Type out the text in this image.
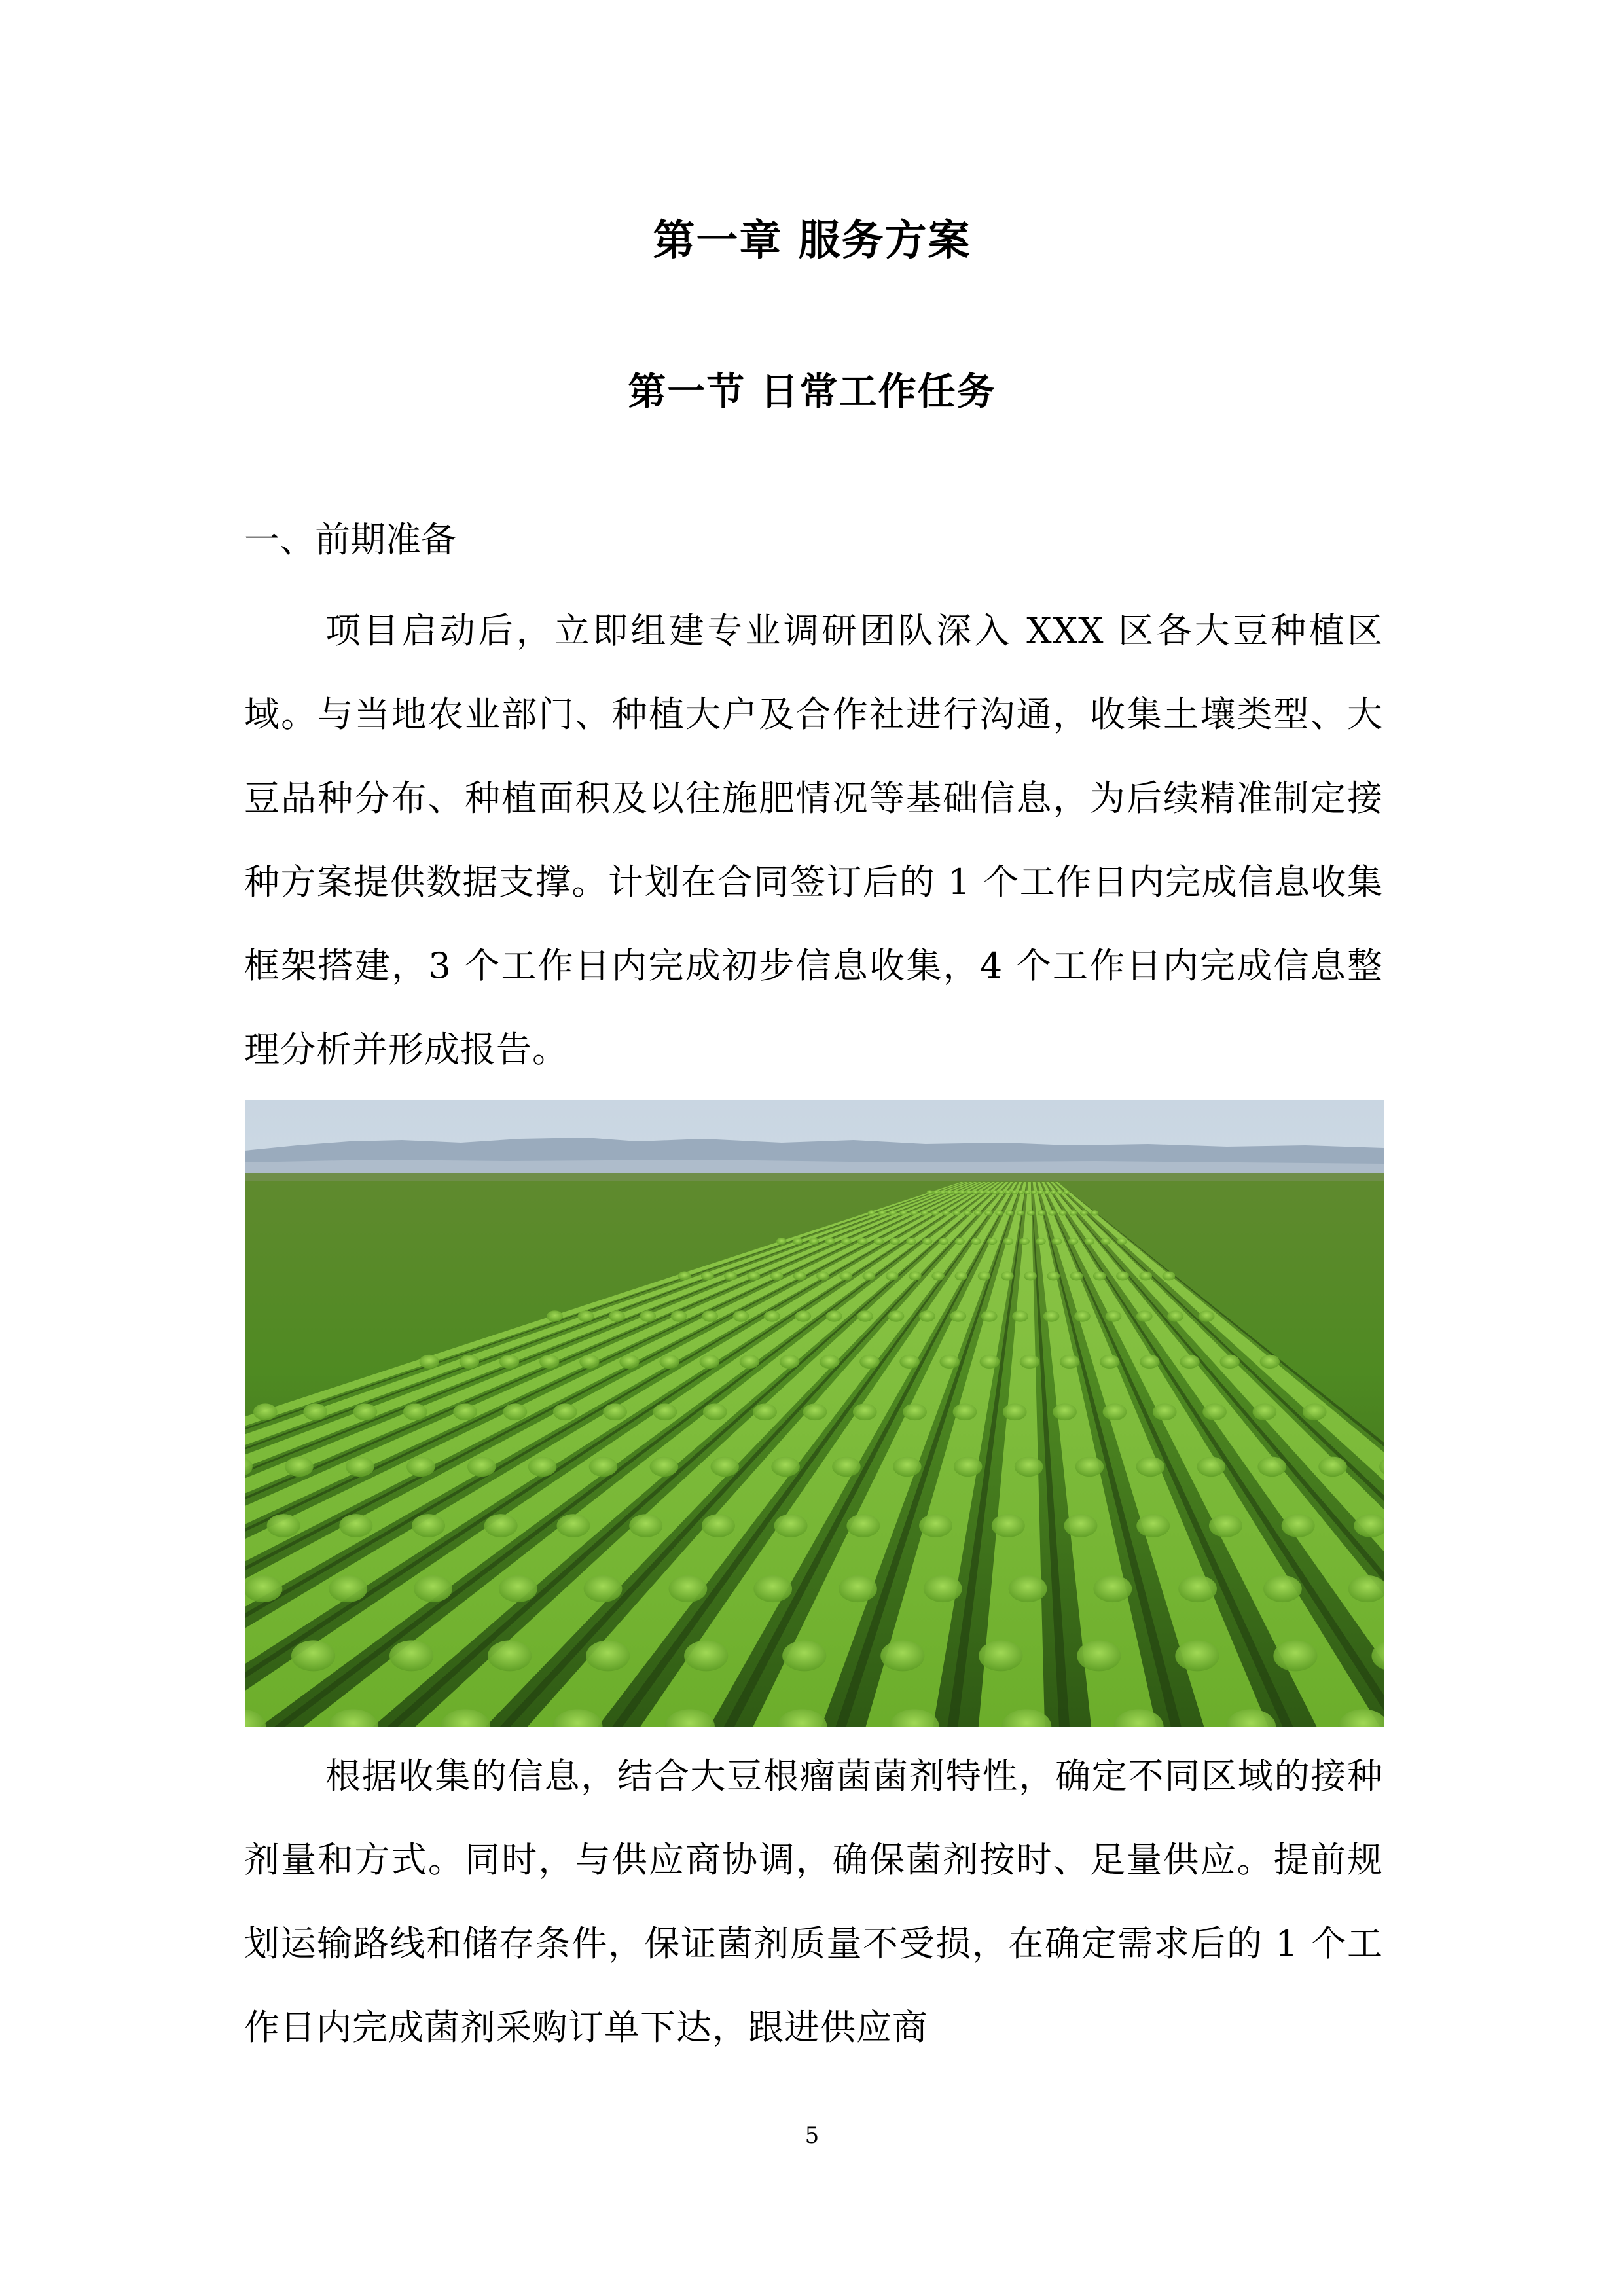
第一章 服务方案
第一节 日常工作任务

一、前期准备

项目启动后，立即组建专业调研团队深入 XXX 区各大豆种植区域。与当地农业部门、种植大户及合作社进行沟通，收集土壤类型、大豆品种分布、种植面积及以往施肥情况等基础信息，为后续精准制定接种方案提供数据支撑。计划在合同签订后的 1 个工作日内完成信息收集框架搭建，3 个工作日内完成初步信息收集，4 个工作日内完成信息整理分析并形成报告。

根据收集的信息，结合大豆根瘤菌菌剂特性，确定不同区域的接种剂量和方式。同时，与供应商协调，确保菌剂按时、足量供应。提前规划运输路线和储存条件，保证菌剂质量不受损，在确定需求后的 1 个工作日内完成菌剂采购订单下达，跟进供应商

5
